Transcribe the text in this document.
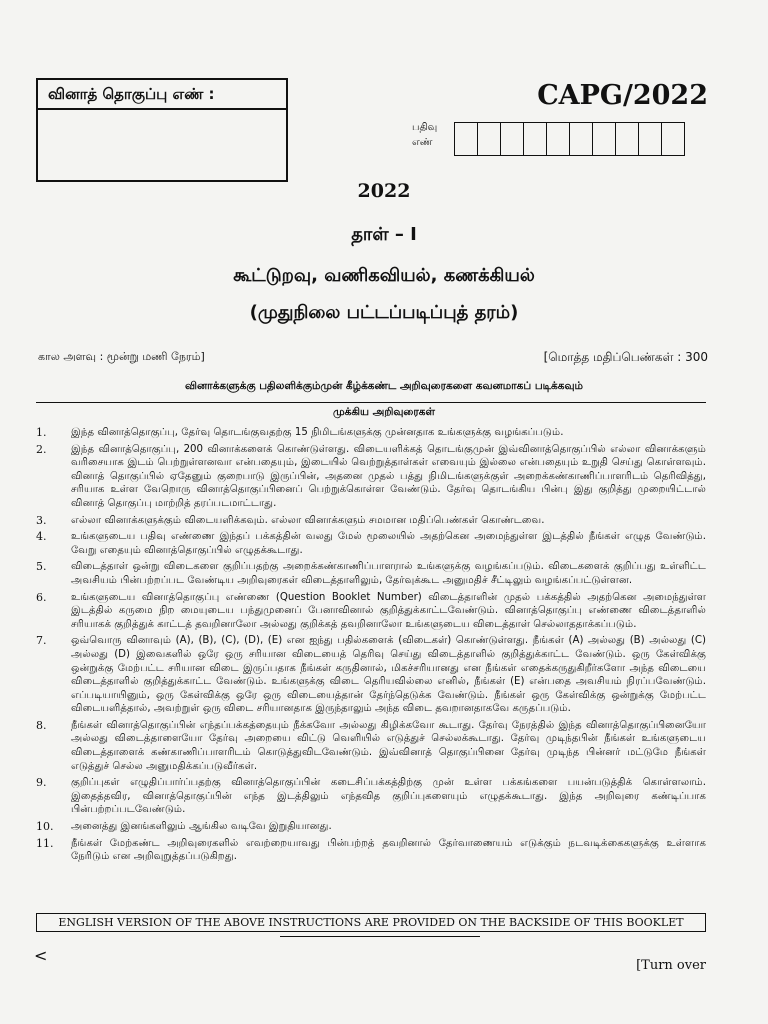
வினாத் தொகுப்பு எண் :	CAPG/2022
பதிவு
எண்
2022
தாள் – I
கூட்டுறவு, வணிகவியல், கணக்கியல்
(முதுநிலை பட்டப்படிப்புத் தரம்)
கால அளவு : மூன்று மணி நேரம்]	[மொத்த மதிப்பெண்கள் : 300
வினாக்களுக்கு பதிலளிக்கும்முன் கீழ்க்கண்ட அறிவுரைகளை கவனமாகப் படிக்கவும்
முக்கிய அறிவுரைகள்
1.	இந்த வினாத்தொகுப்பு, தேர்வு தொடங்குவதற்கு 15 நிமிடங்களுக்கு முன்னதாக உங்களுக்கு வழங்கப்படும்.
2.	இந்த வினாத்தொகுப்பு, 200 வினாக்களைக் கொண்டுள்ளது. விடையளிக்கத் தொடங்குமுன் இவ்வினாத்தொகுப்பில் எல்லா வினாக்களும் வரிசையாக இடம் பெற்றுள்ளனவா என்பதையும், இடையில் வெற்றுத்தாள்கள் எவையும் இல்லை என்பதையும் உறுதி செய்து கொள்ளவும். வினாத் தொகுப்பில் ஏதேனும் குறைபாடு இருப்பின், அதனை முதல் பத்து நிமிடங்களுக்குள் அறைக்கண்காணிப்பாளரிடம் தெரிவித்து, சரியாக உள்ள வேறொரு வினாத்தொகுப்பினைப் பெற்றுக்கொள்ள வேண்டும். தேர்வு தொடங்கிய பின்பு இது குறித்து முறையிட்டால் வினாத் தொகுப்பு மாற்றித் தரப்படமாட்டாது.
3.	எல்லா வினாக்களுக்கும் விடையளிக்கவும். எல்லா வினாக்களும் சமமான மதிப்பெண்கள் கொண்டவை.
4.	உங்களுடைய பதிவு எண்ணை இந்தப் பக்கத்தின் வலது மேல் மூலையில் அதற்கென அமைந்துள்ள இடத்தில் நீங்கள் எழுத வேண்டும். வேறு எதையும் வினாத்தொகுப்பில் எழுதக்கூடாது.
5.	விடைத்தாள் ஒன்று விடைகளை குறிப்பதற்கு அறைக்கண்காணிப்பாளரால் உங்களுக்கு வழங்கப்படும். விடைகளைக் குறிப்பது உள்ளிட்ட அவசியம் பின்பற்றப்பட வேண்டிய அறிவுரைகள் விடைத்தாளிலும், தேர்வுக்கூட அனுமதிச் சீட்டிலும் வழங்கப்பட்டுள்ளன.
6.	உங்களுடைய வினாத்தொகுப்பு எண்ணை (Question Booklet Number) விடைத்தாளின் முதல் பக்கத்தில் அதற்கென அமைந்துள்ள இடத்தில் கருமை நிற மையுடைய பந்துமுனைப் பேனாவினால் குறித்துக்காட்டவேண்டும். வினாத்தொகுப்பு எண்ணை விடைத்தாளில் சரியாகக் குறித்துக் காட்டத் தவறினாலோ அல்லது குறிக்கத் தவறினாலோ உங்களுடைய விடைத்தாள் செல்லாததாக்கப்படும்.
7.	ஒவ்வொரு வினாவும் (A), (B), (C), (D), (E) என ஐந்து பதில்களைக் (விடைகள்) கொண்டுள்ளது. நீங்கள் (A) அல்லது (B) அல்லது (C) அல்லது (D) இவைகளில் ஒரே ஒரு சரியான விடையைத் தெரிவு செய்து விடைத்தாளில் குறித்துக்காட்ட வேண்டும். ஒரு கேள்விக்கு ஒன்றுக்கு மேற்பட்ட சரியான விடை இருப்பதாக நீங்கள் கருதினால், மிகச்சரியானது என நீங்கள் எதைக்கருதுகிறீர்களோ அந்த விடையை விடைத்தாளில் குறித்துக்காட்ட வேண்டும். உங்களுக்கு விடை தெரியவில்லை எனில், நீங்கள் (E) என்பதை அவசியம் நிரப்பவேண்டும். எப்படியாயினும், ஒரு கேள்விக்கு ஒரே ஒரு விடையைத்தான் தேர்ந்தெடுக்க வேண்டும். நீங்கள் ஒரு கேள்விக்கு ஒன்றுக்கு மேற்பட்ட விடையளித்தால், அவற்றுள் ஒரு விடை சரியானதாக இருந்தாலும் அந்த விடை தவறானதாகவே கருதப்படும்.
8.	நீங்கள் வினாத்தொகுப்பின் எந்தப்பக்கத்தையும் நீக்கவோ அல்லது கிழிக்கவோ கூடாது. தேர்வு நேரத்தில் இந்த வினாத்தொகுப்பினையோ அல்லது விடைத்தாளையோ தேர்வு அறையை விட்டு வெளியில் எடுத்துச் செல்லக்கூடாது. தேர்வு முடிந்தபின் நீங்கள் உங்களுடைய விடைத்தாளைக் கண்காணிப்பாளரிடம் கொடுத்துவிடவேண்டும். இவ்வினாத் தொகுப்பினை தேர்வு முடிந்த பின்னர் மட்டுமே நீங்கள் எடுத்துச் செல்ல அனுமதிக்கப்படுவீர்கள்.
9.	குறிப்புகள் எழுதிப்பார்ப்பதற்கு வினாத்தொகுப்பின் கடைசிப்பக்கத்திற்கு முன் உள்ள பக்கங்களை பயன்படுத்திக் கொள்ளலாம். இதைத்தவிர, வினாத்தொகுப்பின் எந்த இடத்திலும் எந்தவித குறிப்புகளையும் எழுதக்கூடாது. இந்த அறிவுரை கண்டிப்பாக பின்பற்றப்படவேண்டும்.
10.	அனைத்து இனங்களிலும் ஆங்கில வடிவே இறுதியானது.
11.	நீங்கள் மேற்கண்ட அறிவுரைகளில் எவற்றையாவது பின்பற்றத் தவறினால் தேர்வாணையம் எடுக்கும் நடவடிக்கைகளுக்கு உள்ளாக நேரிடும் என அறிவுறுத்தப்படுகிறது.
ENGLISH VERSION OF THE ABOVE INSTRUCTIONS ARE PROVIDED ON THE BACKSIDE OF THIS BOOKLET
<
[Turn over
